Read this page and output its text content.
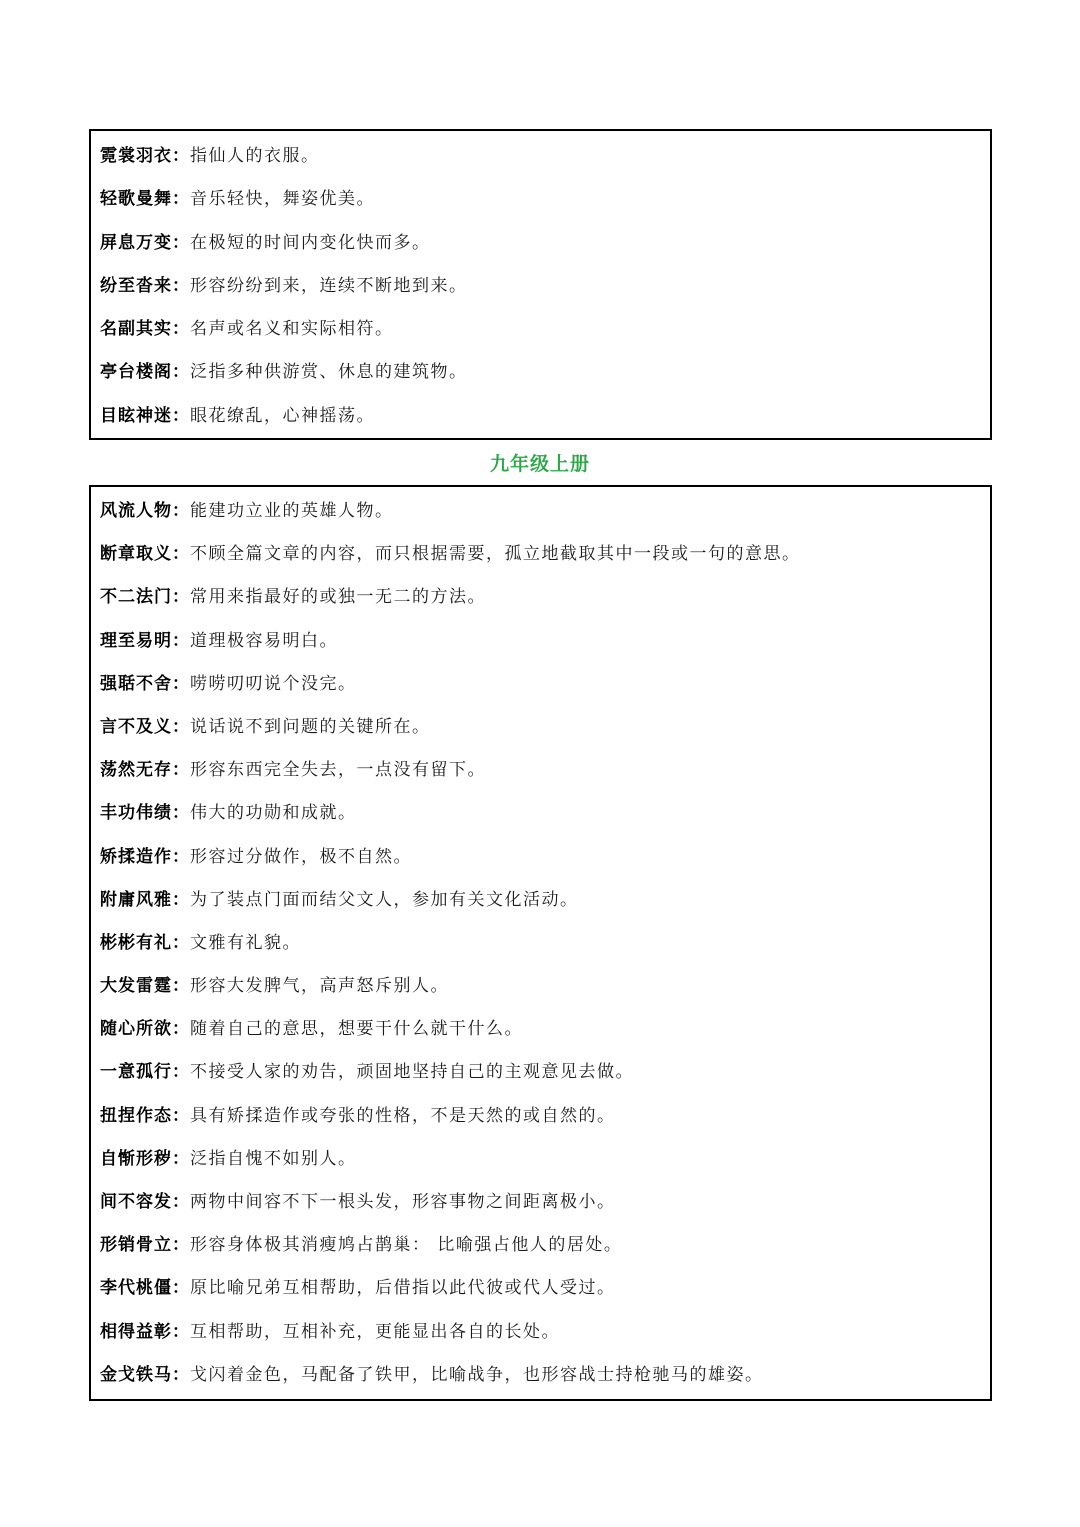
霓裳羽衣：指仙人的衣服。
轻歌曼舞：音乐轻快，舞姿优美。
屏息万变：在极短的时间内变化快而多。
纷至沓来：形容纷纷到来，连续不断地到来。
名副其实：名声或名义和实际相符。
亭台楼阁：泛指多种供游赏、休息的建筑物。
目眩神迷：眼花缭乱，心神摇荡。
九年级上册
风流人物：能建功立业的英雄人物。
断章取义：不顾全篇文章的内容，而只根据需要，孤立地截取其中一段或一句的意思。
不二法门：常用来指最好的或独一无二的方法。
理至易明：道理极容易明白。
强聒不舍：唠唠叨叨说个没完。
言不及义：说话说不到问题的关键所在。
荡然无存：形容东西完全失去，一点没有留下。
丰功伟绩：伟大的功勋和成就。
矫揉造作：形容过分做作，极不自然。
附庸风雅：为了装点门面而结父文人，参加有关文化活动。
彬彬有礼：文雅有礼貌。
大发雷霆：形容大发脾气，高声怒斥别人。
随心所欲：随着自己的意思，想要干什么就干什么。
一意孤行：不接受人家的劝告，顽固地坚持自己的主观意见去做。
扭捏作态：具有矫揉造作或夸张的性格，不是天然的或自然的。
自惭形秽：泛指自愧不如别人。
间不容发：两物中间容不下一根头发，形容事物之间距离极小。
形销骨立：形容身体极其消瘦鸠占鹊巢： 比喻强占他人的居处。
李代桃僵：原比喻兄弟互相帮助，后借指以此代彼或代人受过。
相得益彰：互相帮助，互相补充，更能显出各自的长处。
金戈铁马：戈闪着金色，马配备了铁甲，比喻战争，也形容战士持枪驰马的雄姿。
